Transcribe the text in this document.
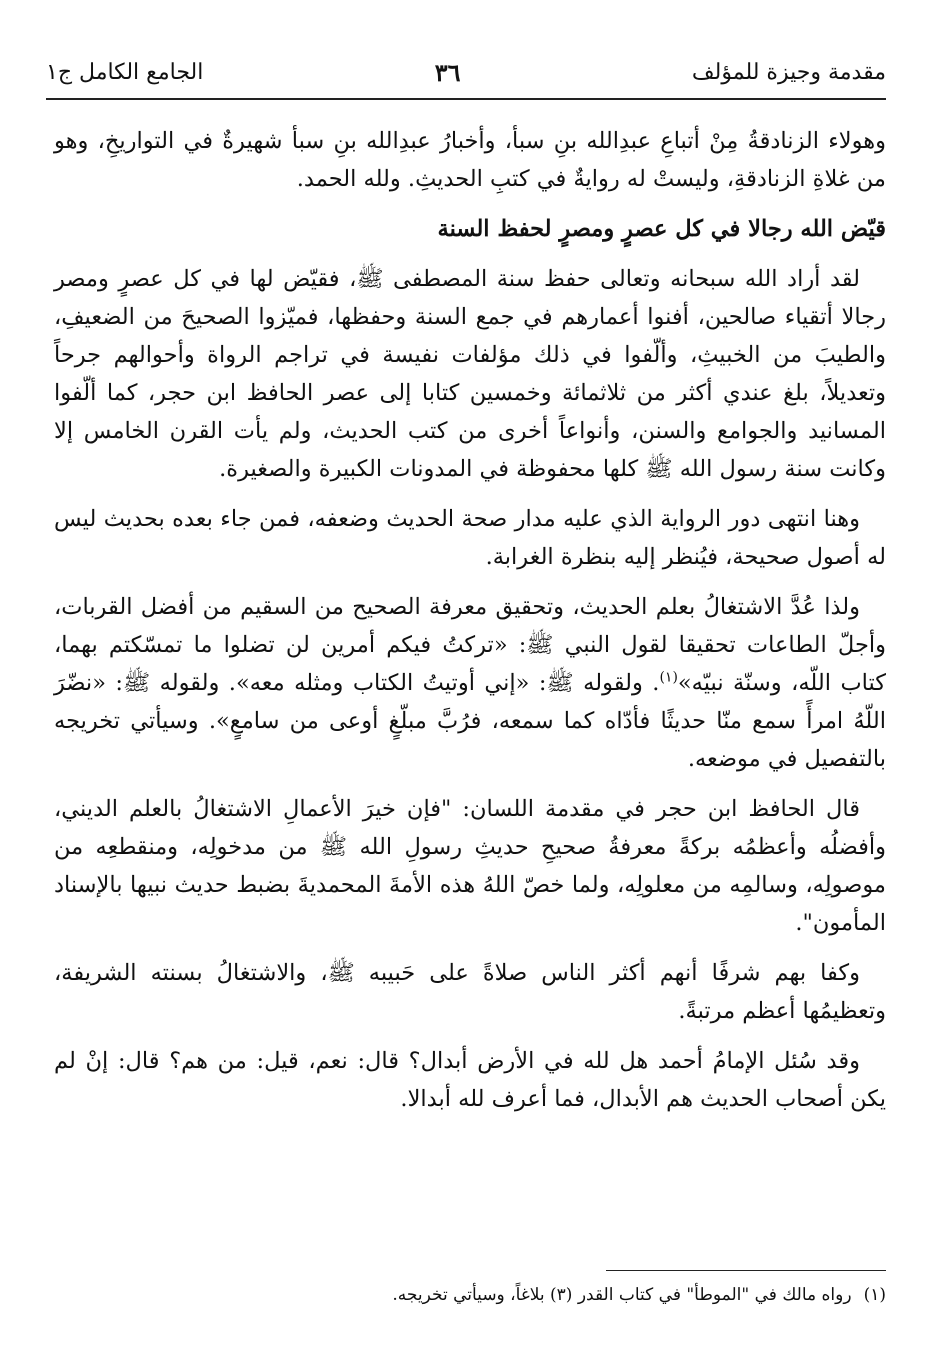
مقدمة وجيزة للمؤلف
٣٦
الجامع الكامل ج١

وهولاء الزنادقةُ مِنْ أتباعِ عبدِالله بنِ سبأ، وأخبارُ عبدِالله بنِ سبأ شهيرةٌ في التواريخِ، وهو من غلاةِ الزنادقةِ، وليستْ له روايةٌ في كتبِ الحديثِ. ولله الحمد.

قيّض الله رجالا في كل عصرٍ ومصرٍ لحفظ السنة

لقد أراد الله سبحانه وتعالى حفظ سنة المصطفى ﷺ، فقيّض لها في كل عصرٍ ومصر رجالا أتقياء صالحين، أفنوا أعمارهم في جمع السنة وحفظها، فميّزوا الصحيحَ من الضعيفِ، والطيبَ من الخبيثِ، وألّفوا في ذلك مؤلفات نفيسة في تراجم الرواة وأحوالهم جرحاً وتعديلاً، بلغ عندي أكثر من ثلاثمائة وخمسين كتابا إلى عصر الحافظ ابن حجر، كما ألّفوا المسانيد والجوامع والسنن، وأنواعاً أخرى من كتب الحديث، ولم يأت القرن الخامس إلا وكانت سنة رسول الله ﷺ كلها محفوظة في المدونات الكبيرة والصغيرة.

وهنا انتهى دور الرواية الذي عليه مدار صحة الحديث وضعفه، فمن جاء بعده بحديث ليس له أصول صحيحة، فيُنظر إليه بنظرة الغرابة.

ولذا عُدَّ الاشتغالُ بعلم الحديث، وتحقيق معرفة الصحيح من السقيم من أفضل القربات، وأجلّ الطاعات تحقيقا لقول النبي ﷺ: «تركتُ فيكم أمرين لن تضلوا ما تمسّكتم بهما، كتاب اللّه، وسنّة نبيّه»$^{(١)}$. ولقوله ﷺ: «إني أوتيتُ الكتاب ومثله معه». ولقوله ﷺ: «نضّرَ اللّهُ امرأً سمع منّا حديثًا فأدّاه كما سمعه، فرُبَّ مبلّغٍ أوعى من سامعٍ». وسيأتي تخريجه بالتفصيل في موضعه.

قال الحافظ ابن حجر في مقدمة اللسان: "فإن خيرَ الأعمالِ الاشتغالُ بالعلم الديني، وأفضلُه وأعظمُه بركةً معرفةُ صحيحِ حديثِ رسولِ الله ﷺ من مدخولِه، ومنقطعِه من موصولِه، وسالمِه من معلولِه، ولما خصّ اللهُ هذه الأمةَ المحمديةَ بضبط حديث نبيها بالإسناد المأمون".

وكفا بهم شرفًا أنهم أكثر الناس صلاةً على حَبيبه ﷺ، والاشتغالُ بسنته الشريفة، وتعظيمُها أعظم مرتبةً.

وقد سُئل الإمامُ أحمد هل لله في الأرض أبدال؟ قال: نعم، قيل: من هم؟ قال: إنْ لم يكن أصحاب الحديث هم الأبدال، فما أعرف لله أبدالا.

(١)رواه مالك في "الموطأ" في كتاب القدر (٣) بلاغاً، وسيأتي تخريجه.
